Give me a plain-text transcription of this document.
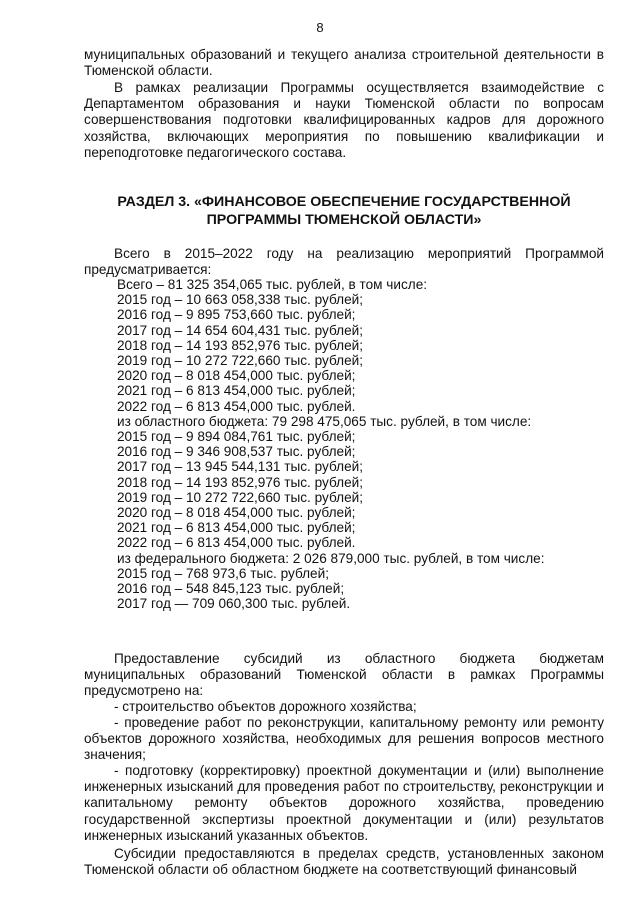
8

муниципальных образований и текущего анализа строительной деятельности в Тюменской области.

В рамках реализации Программы осуществляется взаимодействие с Департаментом образования и науки Тюменской области по вопросам совершенствования подготовки квалифицированных кадров для дорожного хозяйства, включающих мероприятия по повышению квалификации и переподготовке педагогического состава.

РАЗДЕЛ 3. «ФИНАНСОВОЕ ОБЕСПЕЧЕНИЕ ГОСУДАРСТВЕННОЙ
ПРОГРАММЫ ТЮМЕНСКОЙ ОБЛАСТИ»

Всего в 2015–2022 году на реализацию мероприятий Программой предусматривается:

Всего – 81 325 354,065 тыс. рублей, в том числе:
2015 год – 10 663 058,338 тыс. рублей;
2016 год – 9 895 753,660 тыс. рублей;
2017 год – 14 654 604,431 тыс. рублей;
2018 год – 14 193 852,976 тыс. рублей;
2019 год – 10 272 722,660 тыс. рублей;
2020 год – 8 018 454,000 тыс. рублей;
2021 год – 6 813 454,000 тыс. рублей;
2022 год – 6 813 454,000 тыс. рублей.
из областного бюджета: 79 298 475,065 тыс. рублей, в том числе:
2015 год – 9 894 084,761 тыс. рублей;
2016 год – 9 346 908,537 тыс. рублей;
2017 год – 13 945 544,131 тыс. рублей;
2018 год – 14 193 852,976 тыс. рублей;
2019 год – 10 272 722,660 тыс. рублей;
2020 год – 8 018 454,000 тыс. рублей;
2021 год – 6 813 454,000 тыс. рублей;
2022 год – 6 813 454,000 тыс. рублей.
из федерального бюджета: 2 026 879,000 тыс. рублей, в том числе:
2015 год – 768 973,6 тыс. рублей;
2016 год – 548 845,123 тыс. рублей;
2017 год — 709 060,300 тыс. рублей.

Предоставление субсидий из областного бюджета бюджетам муниципальных образований Тюменской области в рамках Программы предусмотрено на:

- строительство объектов дорожного хозяйства;

- проведение работ по реконструкции, капитальному ремонту или ремонту объектов дорожного хозяйства, необходимых для решения вопросов местного значения;

- подготовку (корректировку) проектной документации и (или) выполнение инженерных изысканий для проведения работ по строительству, реконструкции и капитальному ремонту объектов дорожного хозяйства, проведению государственной экспертизы проектной документации и (или) результатов инженерных изысканий указанных объектов.

Субсидии предоставляются в пределах средств, установленных законом Тюменской области об областном бюджете на соответствующий финансовый
